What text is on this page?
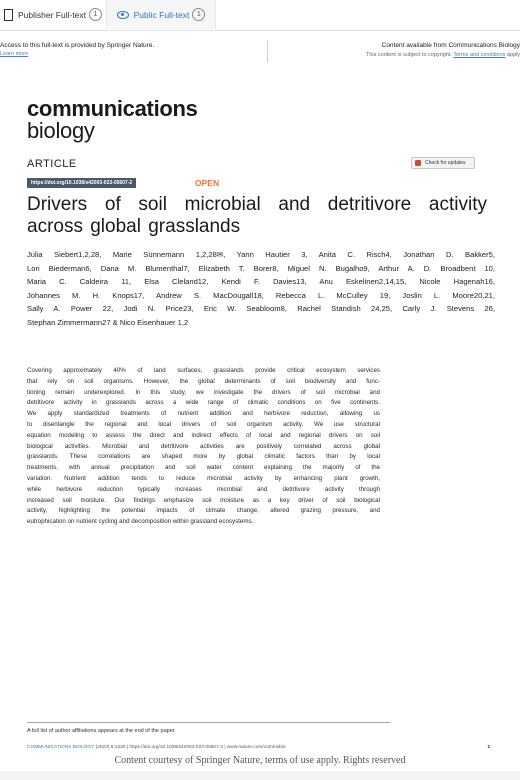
Publisher Full-text	1	Public Full-text	1
Access to this full-text is provided by Springer Nature.
Learn more
Content available from Communications Biology
This content is subject to copyright. Terms and conditions apply
communications
biology
ARTICLE	Check for updates
https://doi.org/10.1038/s42003-023-05607-2	OPEN
Drivers of soil microbial and detritivore activity across global grasslands
Julia Siebert1,2,28, Marie Sünnemann 1,2,28✉, Yann Hautier 3, Anita C. Risch4, Jonathan D. Bakker5,
Lori Biederman6, Dana M. Blumenthal7, Elizabeth T. Borer8, Miguel N. Bugalho9, Arthur A. D. Broadbent 10,
Maria C. Caldeira 11, Elsa Cleland12, Kendi F. Davies13, Anu Eskelinen2,14,15, Nicole Hagenah16,
Johannes M. H. Knops17, Andrew S. MacDougall18, Rebecca L. McCulley 19, Joslin L. Moore20,21,
Sally A. Power 22, Jodi N. Price23, Eric W. Seabloom8, Rachel Standish 24,25, Carly J. Stevens 26,
Stephan Zimmermann27 & Nico Eisenhauer 1,2
Covering approximately 40% of land surfaces, grasslands provide critical ecosystem services
that rely on soil organisms. However, the global determinants of soil biodiversity and func-
tioning remain underexplored. In this study, we investigate the drivers of soil microbial and
detritivore activity in grasslands across a wide range of climatic conditions on five continents.
We apply standardized treatments of nutrient addition and herbivore reduction, allowing us
to disentangle the regional and local drivers of soil organism activity. We use structural
equation modeling to assess the direct and indirect effects of local and regional drivers on soil
biological activities. Microbial and detritivore activities are positively correlated across global
grasslands. These correlations are shaped more by global climatic factors than by local
treatments, with annual precipitation and soil water content explaining the majority of the
variation. Nutrient addition tends to reduce microbial activity by enhancing plant growth,
while herbivore reduction typically increases microbial and detritivore activity through
increased soil moisture. Our findings emphasize soil moisture as a key driver of soil biological
activity, highlighting the potential impacts of climate change, altered grazing pressure, and
eutrophication on nutrient cycling and decomposition within grassland ecosystems.
A full list of author affiliations appears at the end of the paper.
COMMUNICATIONS BIOLOGY (2023) 6:1220 | https://doi.org/10.1038/s42003-023-05607-2 | www.nature.com/commsbio	1
Content courtesy of Springer Nature, terms of use apply. Rights reserved
